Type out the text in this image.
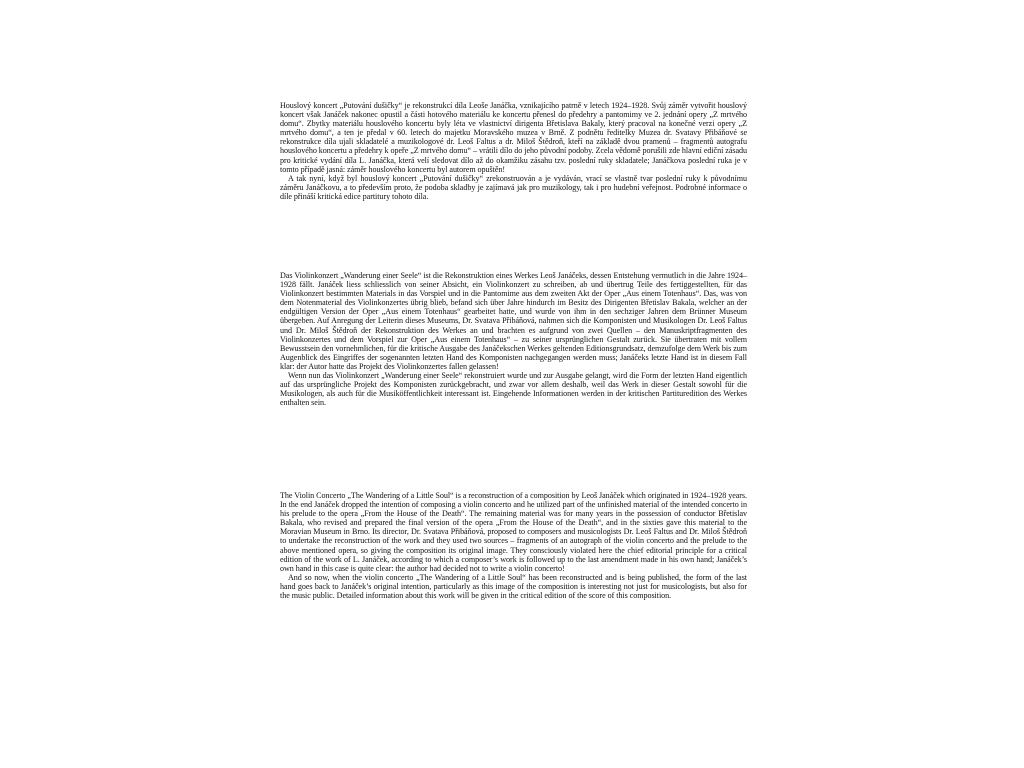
Houslový koncert „Putování dušičky“ je rekonstrukcí díla Leoše Janáčka, vznikajícího patrně v letech 1924–1928. Svůj záměr vytvořit houslový koncert však Janáček nakonec opustil a části hotového materiálu ke koncertu přenesl do předehry a pantomimy ve 2. jednání opery „Z mrtvého domu“. Zbytky materiálu houslového koncertu byly léta ve vlastnictví dirigenta Břetislava Bakaly, který pracoval na konečné verzi opery „Z mrtvého domu“, a ten je předal v 60. letech do majetku Moravského muzea v Brně. Z podnětu ředitelky Muzea dr. Svatavy Přibáňové se rekonstrukce díla ujali skladatelé a muzikologové dr. Leoš Faltus a dr. Miloš Štědroň, kteří na základě dvou pramenů – fragmentů autografu houslového koncertu a předehry k opeře „Z mrtvého domu“ – vrátili dílo do jeho původní podoby. Zcela vědomě porušili zde hlavní ediční zásadu pro kritické vydání díla L. Janáčka, která velí sledovat dílo až do okamžiku zásahu tzv. poslední ruky skladatele; Janáčkova poslední ruka je v tomto případě jasná: záměr houslového koncertu byl autorem opuštěn!

A tak nyní, když byl houslový koncert „Putování dušičky“ zrekonstruován a je vydáván, vrací se vlastně tvar poslední ruky k původnímu záměru Janáčkovu, a to především proto, že podoba skladby je zajímavá jak pro muzikology, tak i pro hudební veřejnost. Podrobné informace o díle přináší kritická edice partitury tohoto díla.

Das Violinkonzert „Wanderung einer Seele“ ist die Rekonstruktion eines Werkes Leoš Janáčeks, dessen Entstehung vermutlich in die Jahre 1924–1928 fällt. Janáček liess schliesslich von seiner Absicht, ein Violinkonzert zu schreiben, ab und übertrug Teile des fertiggestellten, für das Violinkonzert bestimmten Materials in das Vorspiel und in die Pantomime aus dem zweiten Akt der Oper „Aus einem Totenhaus“. Das, was von dem Notenmaterial des Violinkonzertes übrig blieb, befand sich über Jahre hindurch im Besitz des Dirigenten Břetislav Bakala, welcher an der endgültigen Version der Oper „Aus einem Totenhaus“ gearbeitet hatte, und wurde von ihm in den sechziger Jahren dem Brünner Museum übergeben. Auf Anregung der Leiterin dieses Museums, Dr. Svatava Přibáňová, nahmen sich die Komponisten und Musikologen Dr. Leoš Faltus und Dr. Miloš Štědroň der Rekonstruktion des Werkes an und brachten es aufgrund von zwei Quellen – den Manuskriptfragmenten des Violinkonzertes und dem Vorspiel zur Oper „Aus einem Totenhaus“ – zu seiner ursprünglichen Gestalt zurück. Sie übertraten mit vollem Bewusstsein den vornehmlichen, für die kritische Ausgabe des Janáčekschen Werkes geltenden Editionsgrundsatz, demzufolge dem Werk bis zum Augenblick des Eingriffes der sogenannten letzten Hand des Komponisten nachgegangen werden muss; Janáčeks letzte Hand ist in diesem Fall klar: der Autor hatte das Projekt des Violinkonzertes fallen gelassen!

Wenn nun das Violinkonzert „Wanderung einer Seele“ rekonstruiert wurde und zur Ausgabe gelangt, wird die Form der letzten Hand eigentlich auf das ursprüngliche Projekt des Komponisten zurückgebracht, und zwar vor allem deshalb, weil das Werk in dieser Gestalt sowohl für die Musikologen, als auch für die Musiköffentlichkeit interessant ist. Eingehende Informationen werden in der kritischen Partituredition des Werkes enthalten sein.

The Violin Concerto „The Wandering of a Little Soul“ is a reconstruction of a composition by Leoš Janáček which originated in 1924–1928 years. In the end Janáček dropped the intention of composing a violin concerto and he utilized part of the unfinished material of the intended concerto in his prelude to the opera „From the House of the Death“. The remaining material was for many years in the possession of conductor Břetislav Bakala, who revised and prepared the final version of the opera „From the House of the Death“, and in the sixties gave this material to the Moravian Museum in Brno. Its director, Dr. Svatava Přibáňová, proposed to composers and musicologists Dr. Leoš Faltus and Dr. Miloš Štědroň to undertake the reconstruction of the work and they used two sources – fragments of an autograph of the violin concerto and the prelude to the above mentioned opera, so giving the composition its original image. They consciously violated here the chief editorial principle for a critical edition of the work of L. Janáček, according to which a composer’s work is followed up to the last amendment made in his own hand; Janáček’s own hand in this case is quite clear: the author had decided not to write a violin concerto!

And so now, when the violin concerto „The Wandering of a Little Soul“ has been reconstructed and is being published, the form of the last hand goes back to Janáček’s original intention, particularly as this image of the composition is interesting not just for musicologists, but also for the music public. Detailed information about this work will be given in the critical edition of the score of this composition.
